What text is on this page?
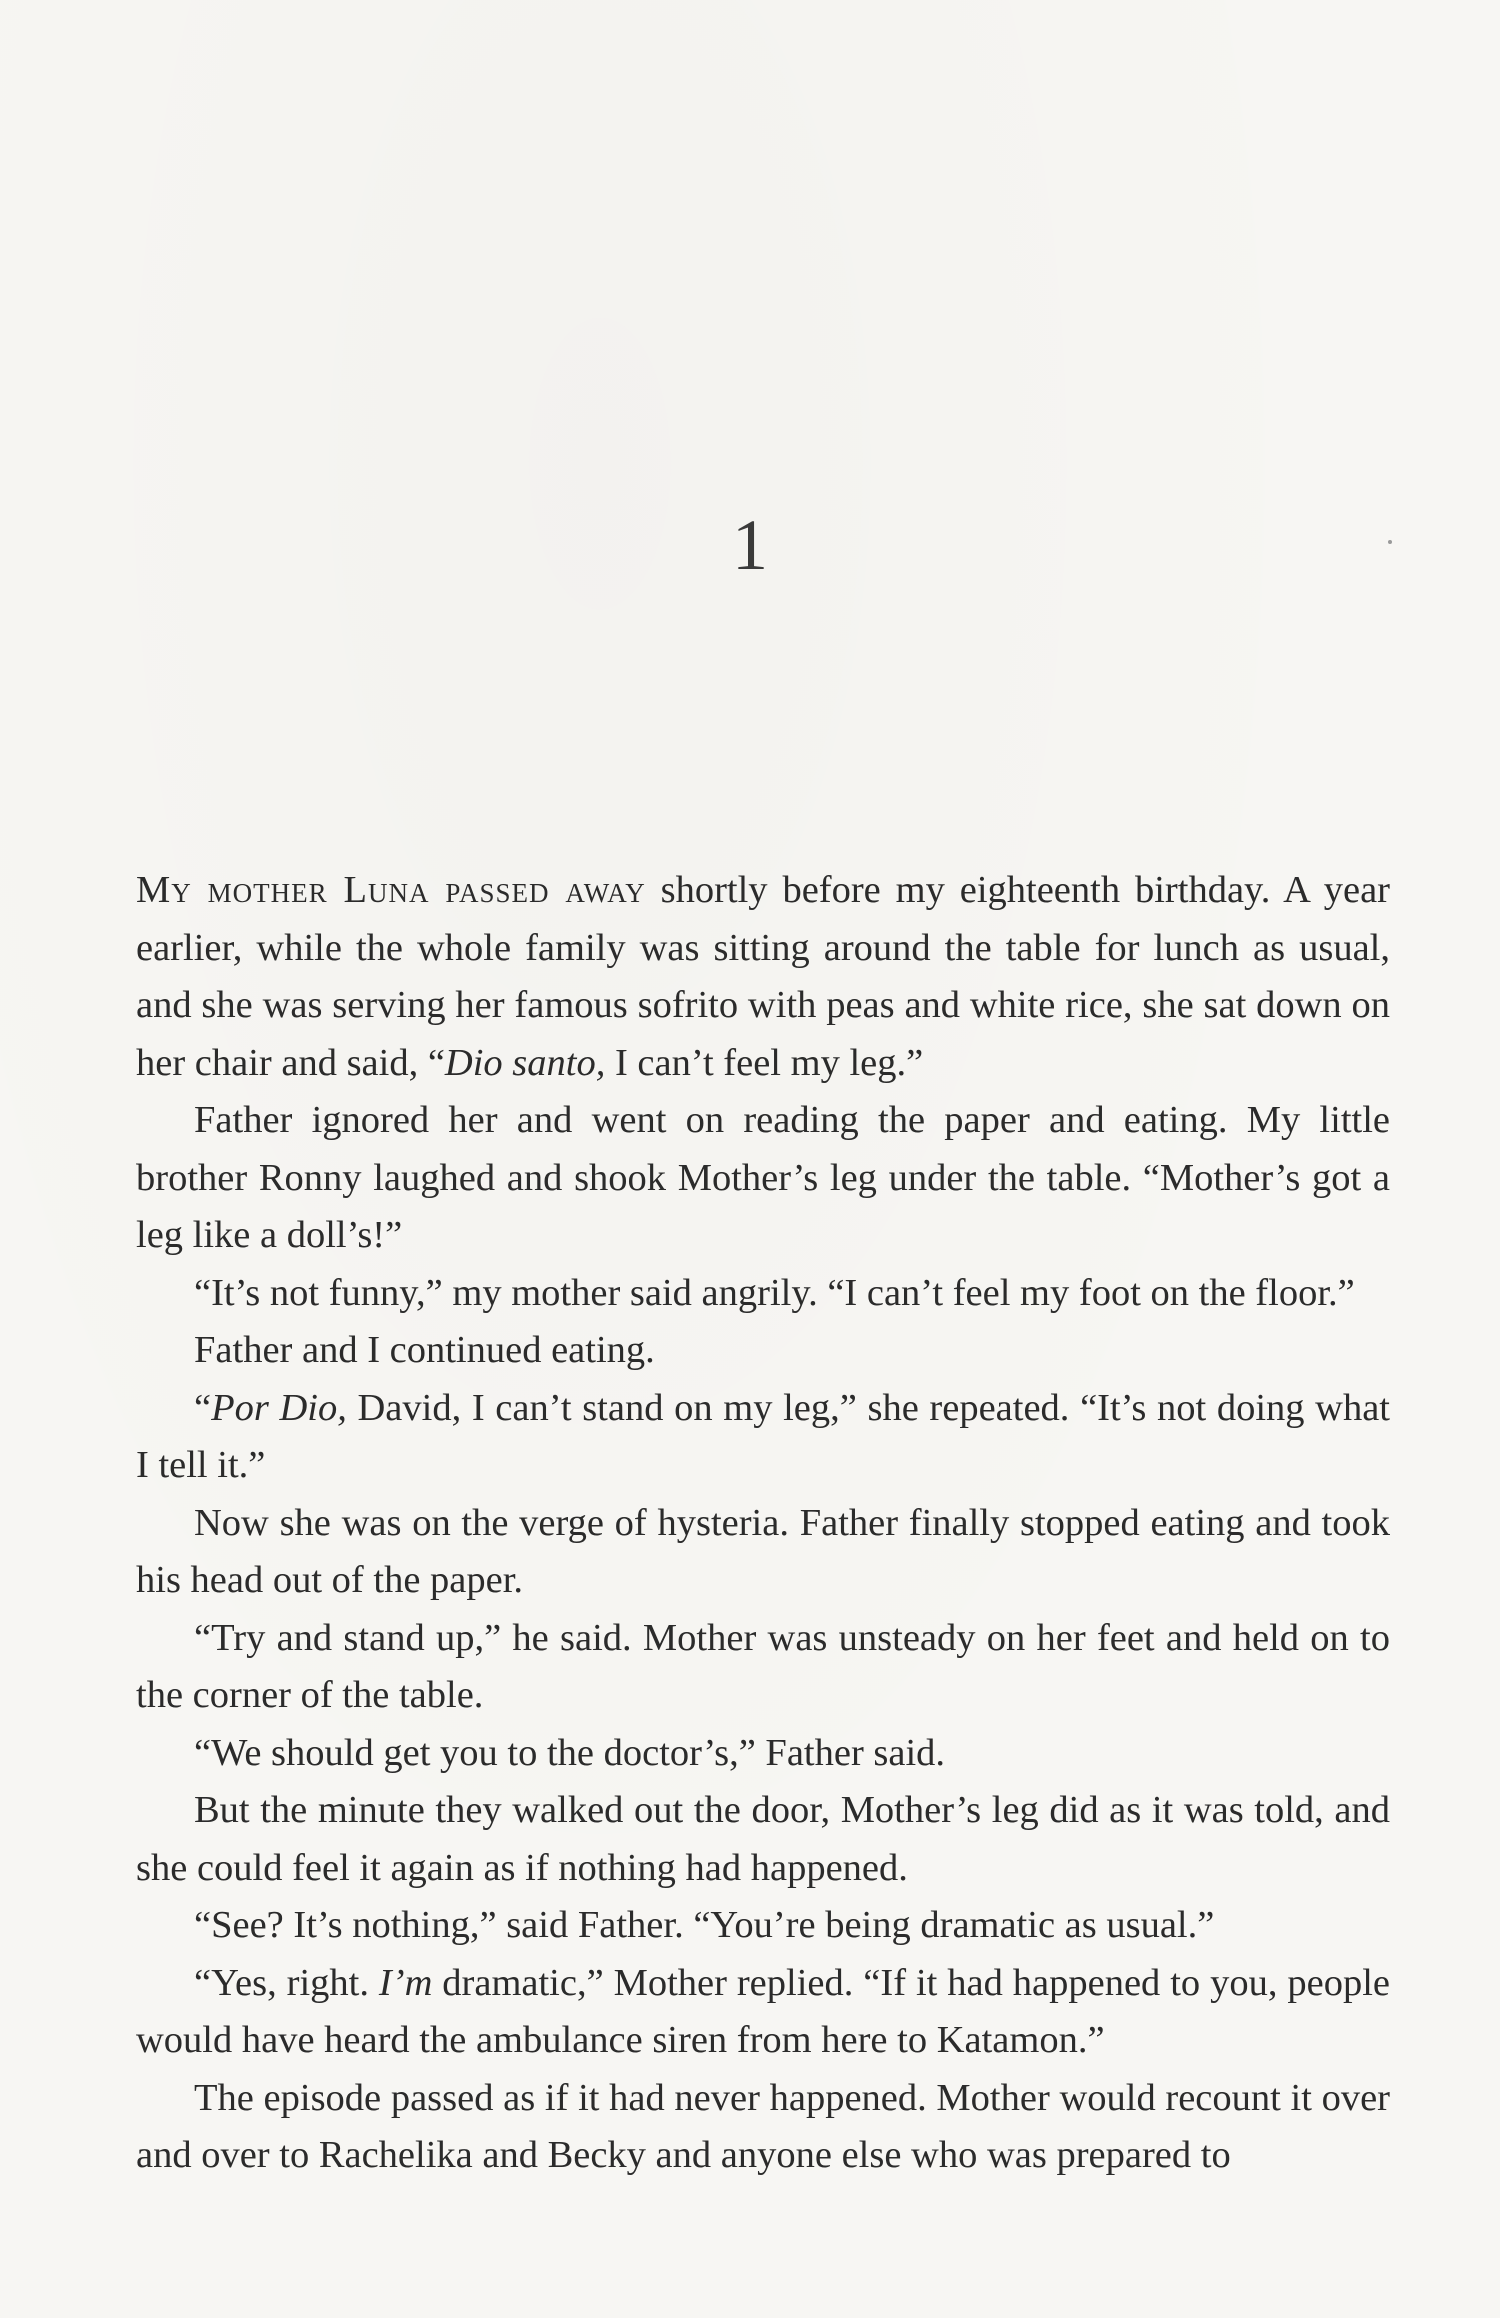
1

My mother Luna passed away shortly before my eighteenth birthday. A year earlier, while the whole family was sitting around the table for lunch as usual, and she was serving her famous sofrito with peas and white rice, she sat down on her chair and said, “Dio santo, I can’t feel my leg.”

Father ignored her and went on reading the paper and eating. My little brother Ronny laughed and shook Mother’s leg under the table. “Mother’s got a leg like a doll’s!”

“It’s not funny,” my mother said angrily. “I can’t feel my foot on the floor.”

Father and I continued eating.

“Por Dio, David, I can’t stand on my leg,” she repeated. “It’s not doing what I tell it.”

Now she was on the verge of hysteria. Father finally stopped eating and took his head out of the paper.

“Try and stand up,” he said. Mother was unsteady on her feet and held on to the corner of the table.

“We should get you to the doctor’s,” Father said.

But the minute they walked out the door, Mother’s leg did as it was told, and she could feel it again as if nothing had happened.

“See? It’s nothing,” said Father. “You’re being dramatic as usual.”

“Yes, right. I’m dramatic,” Mother replied. “If it had happened to you, people would have heard the ambulance siren from here to Katamon.”

The episode passed as if it had never happened. Mother would recount it over and over to Rachelika and Becky and anyone else who was prepared to
